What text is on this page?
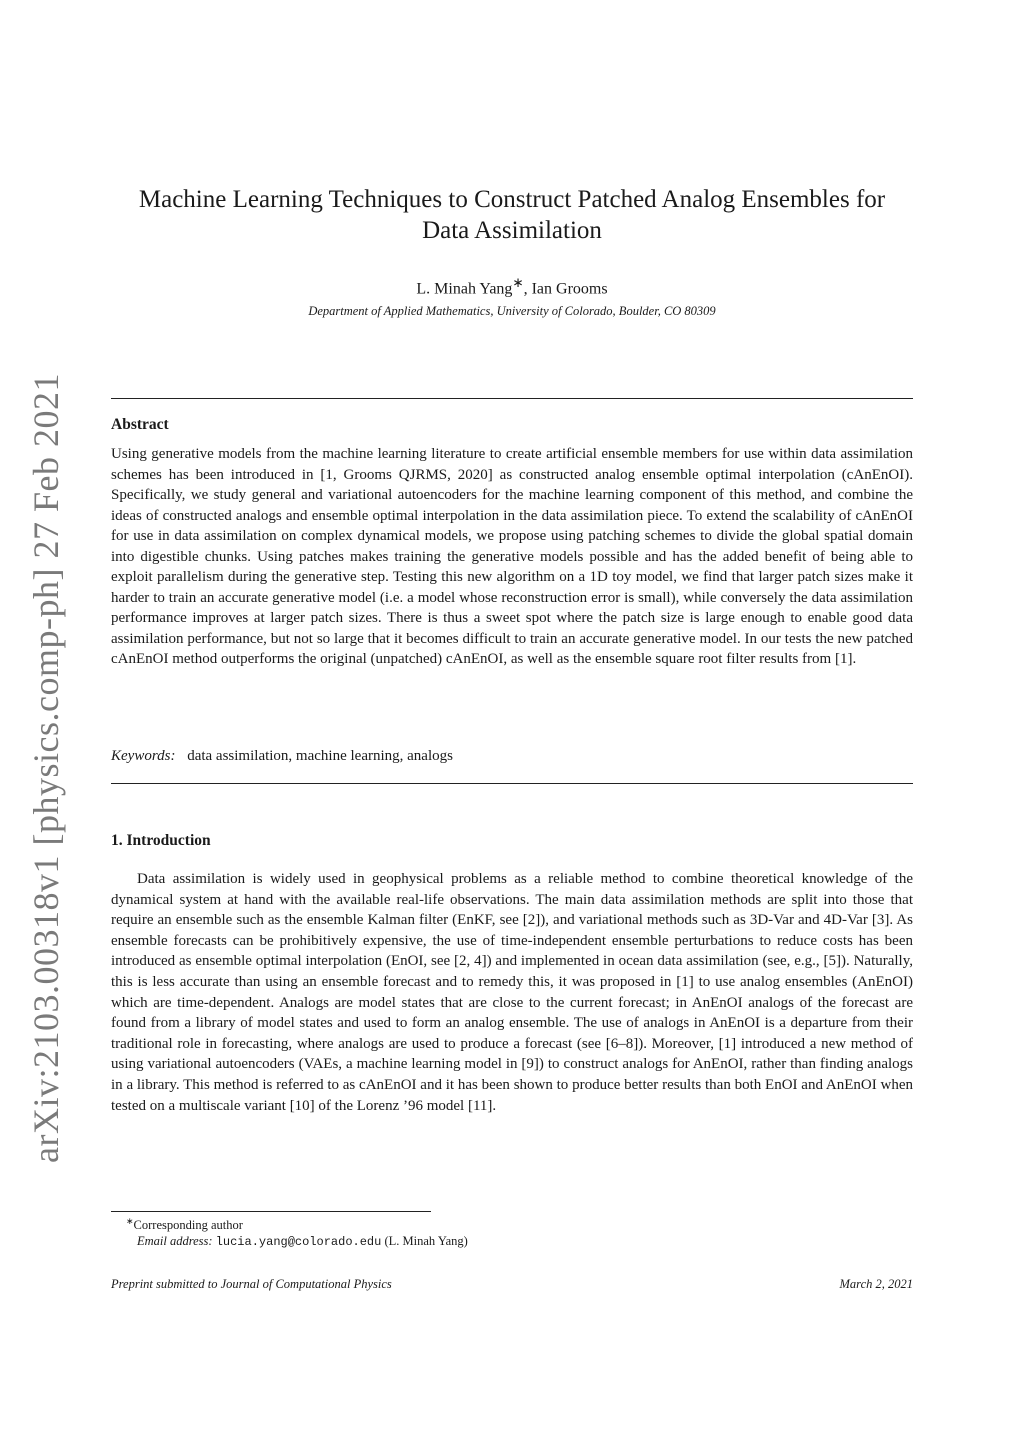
arXiv:2103.00318v1 [physics.comp-ph] 27 Feb 2021
Machine Learning Techniques to Construct Patched Analog Ensembles for
Data Assimilation
L. Minah Yang∗, Ian Grooms
Department of Applied Mathematics, University of Colorado, Boulder, CO 80309
Abstract

Using generative models from the machine learning literature to create artificial ensemble members for use within data assimilation schemes has been introduced in [1, Grooms QJRMS, 2020] as constructed analog ensemble optimal interpolation (cAnEnOI). Specifically, we study general and variational autoencoders for the machine learning component of this method, and combine the ideas of constructed analogs and ensemble optimal interpolation in the data assimilation piece. To extend the scalability of cAnEnOI for use in data assimilation on complex dynamical models, we propose using patching schemes to divide the global spatial domain into digestible chunks. Using patches makes training the generative models possible and has the added benefit of being able to exploit parallelism during the generative step. Testing this new algorithm on a 1D toy model, we find that larger patch sizes make it harder to train an accurate generative model (i.e. a model whose reconstruction error is small), while conversely the data assimilation performance improves at larger patch sizes. There is thus a sweet spot where the patch size is large enough to enable good data assimilation performance, but not so large that it becomes difficult to train an accurate generative model. In our tests the new patched cAnEnOI method outperforms the original (unpatched) cAnEnOI, as well as the ensemble square root filter results from [1].

Keywords: data assimilation, machine learning, analogs
1. Introduction

Data assimilation is widely used in geophysical problems as a reliable method to combine theoretical knowledge of the dynamical system at hand with the available real-life observations. The main data assimilation methods are split into those that require an ensemble such as the ensemble Kalman filter (EnKF, see [2]), and variational methods such as 3D-Var and 4D-Var [3]. As ensemble forecasts can be prohibitively expensive, the use of time-independent ensemble perturbations to reduce costs has been introduced as ensemble optimal interpolation (EnOI, see [2, 4]) and implemented in ocean data assimilation (see, e.g., [5]). Naturally, this is less accurate than using an ensemble forecast and to remedy this, it was proposed in [1] to use analog ensembles (AnEnOI) which are time-dependent. Analogs are model states that are close to the current forecast; in AnEnOI analogs of the forecast are found from a library of model states and used to form an analog ensemble. The use of analogs in AnEnOI is a departure from their traditional role in forecasting, where analogs are used to produce a forecast (see [6–8]). Moreover, [1] introduced a new method of using variational autoencoders (VAEs, a machine learning model in [9]) to construct analogs for AnEnOI, rather than finding analogs in a library. This method is referred to as cAnEnOI and it has been shown to produce better results than both EnOI and AnEnOI when tested on a multiscale variant [10] of the Lorenz ’96 model [11].

∗Corresponding author
Email address: lucia.yang@colorado.edu (L. Minah Yang)
Preprint submitted to Journal of Computational Physics	March 2, 2021
